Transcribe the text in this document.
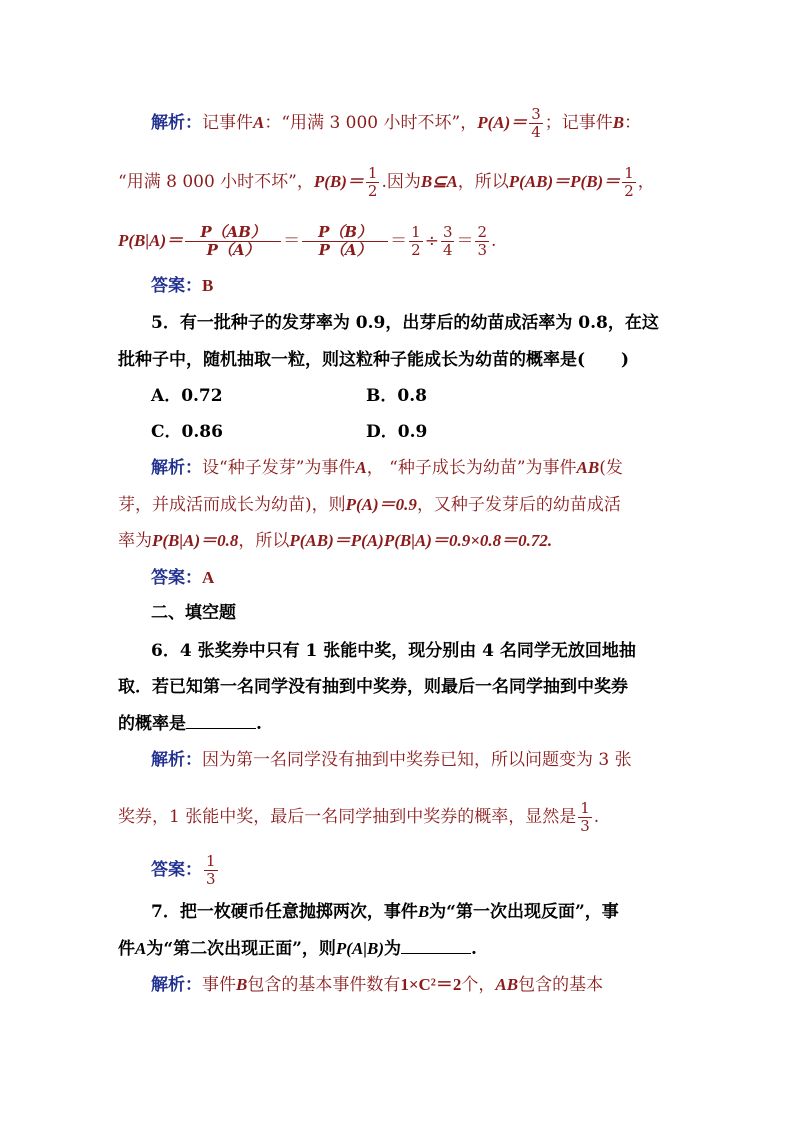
解析：记事件A：“用满 3 000 小时不坏”，$P(A)= \frac{3}{4}$ ；记事件B：
“用满 8 000 小时不坏”，$P(B)= \frac{1}{2}$ .因为B⊆A，所以$P(AB)=P(B)= \frac{1}{2}$ ，
$P(B|A)= \frac{P(AB)}{P(A)} = \frac{P(B)}{P(A)} = \frac{1}{2} \div \frac{3}{4} = \frac{2}{3}$ .
答案：B
5．有一批种子的发芽率为 0.9，出芽后的幼苗成活率为 0.8，在这
批种子中，随机抽取一粒，则这粒种子能成长为幼苗的概率是( )
A．0.72	B．0.8
C．0.86	D．0.9
解析：设“种子发芽”为事件A， “种子成长为幼苗”为事件AB(发
芽，并成活而成长为幼苗)，则P(A)＝0.9，又种子发芽后的幼苗成活
率为P(B|A)＝0.8，所以P(AB)＝P(A)P(B|A)＝0.9×0.8＝0.72.
答案：A
二、填空题
6．4 张奖券中只有 1 张能中奖，现分别由 4 名同学无放回地抽
取．若已知第一名同学没有抽到中奖券，则最后一名同学抽到中奖券
的概率是	.
解析：因为第一名同学没有抽到中奖券已知，所以问题变为 3 张
奖券，1 张能中奖，最后一名同学抽到中奖券的概率，显然是 $\frac{1}{3}$ .
答案： $\frac{1}{3}$
7．把一枚硬币任意抛掷两次，事件B为“第一次出现反面”，事
件A为“第二次出现正面”，则P(A|B)为	.
解析：事件B包含的基本事件数有1×C²＝2个，AB包含的基本
